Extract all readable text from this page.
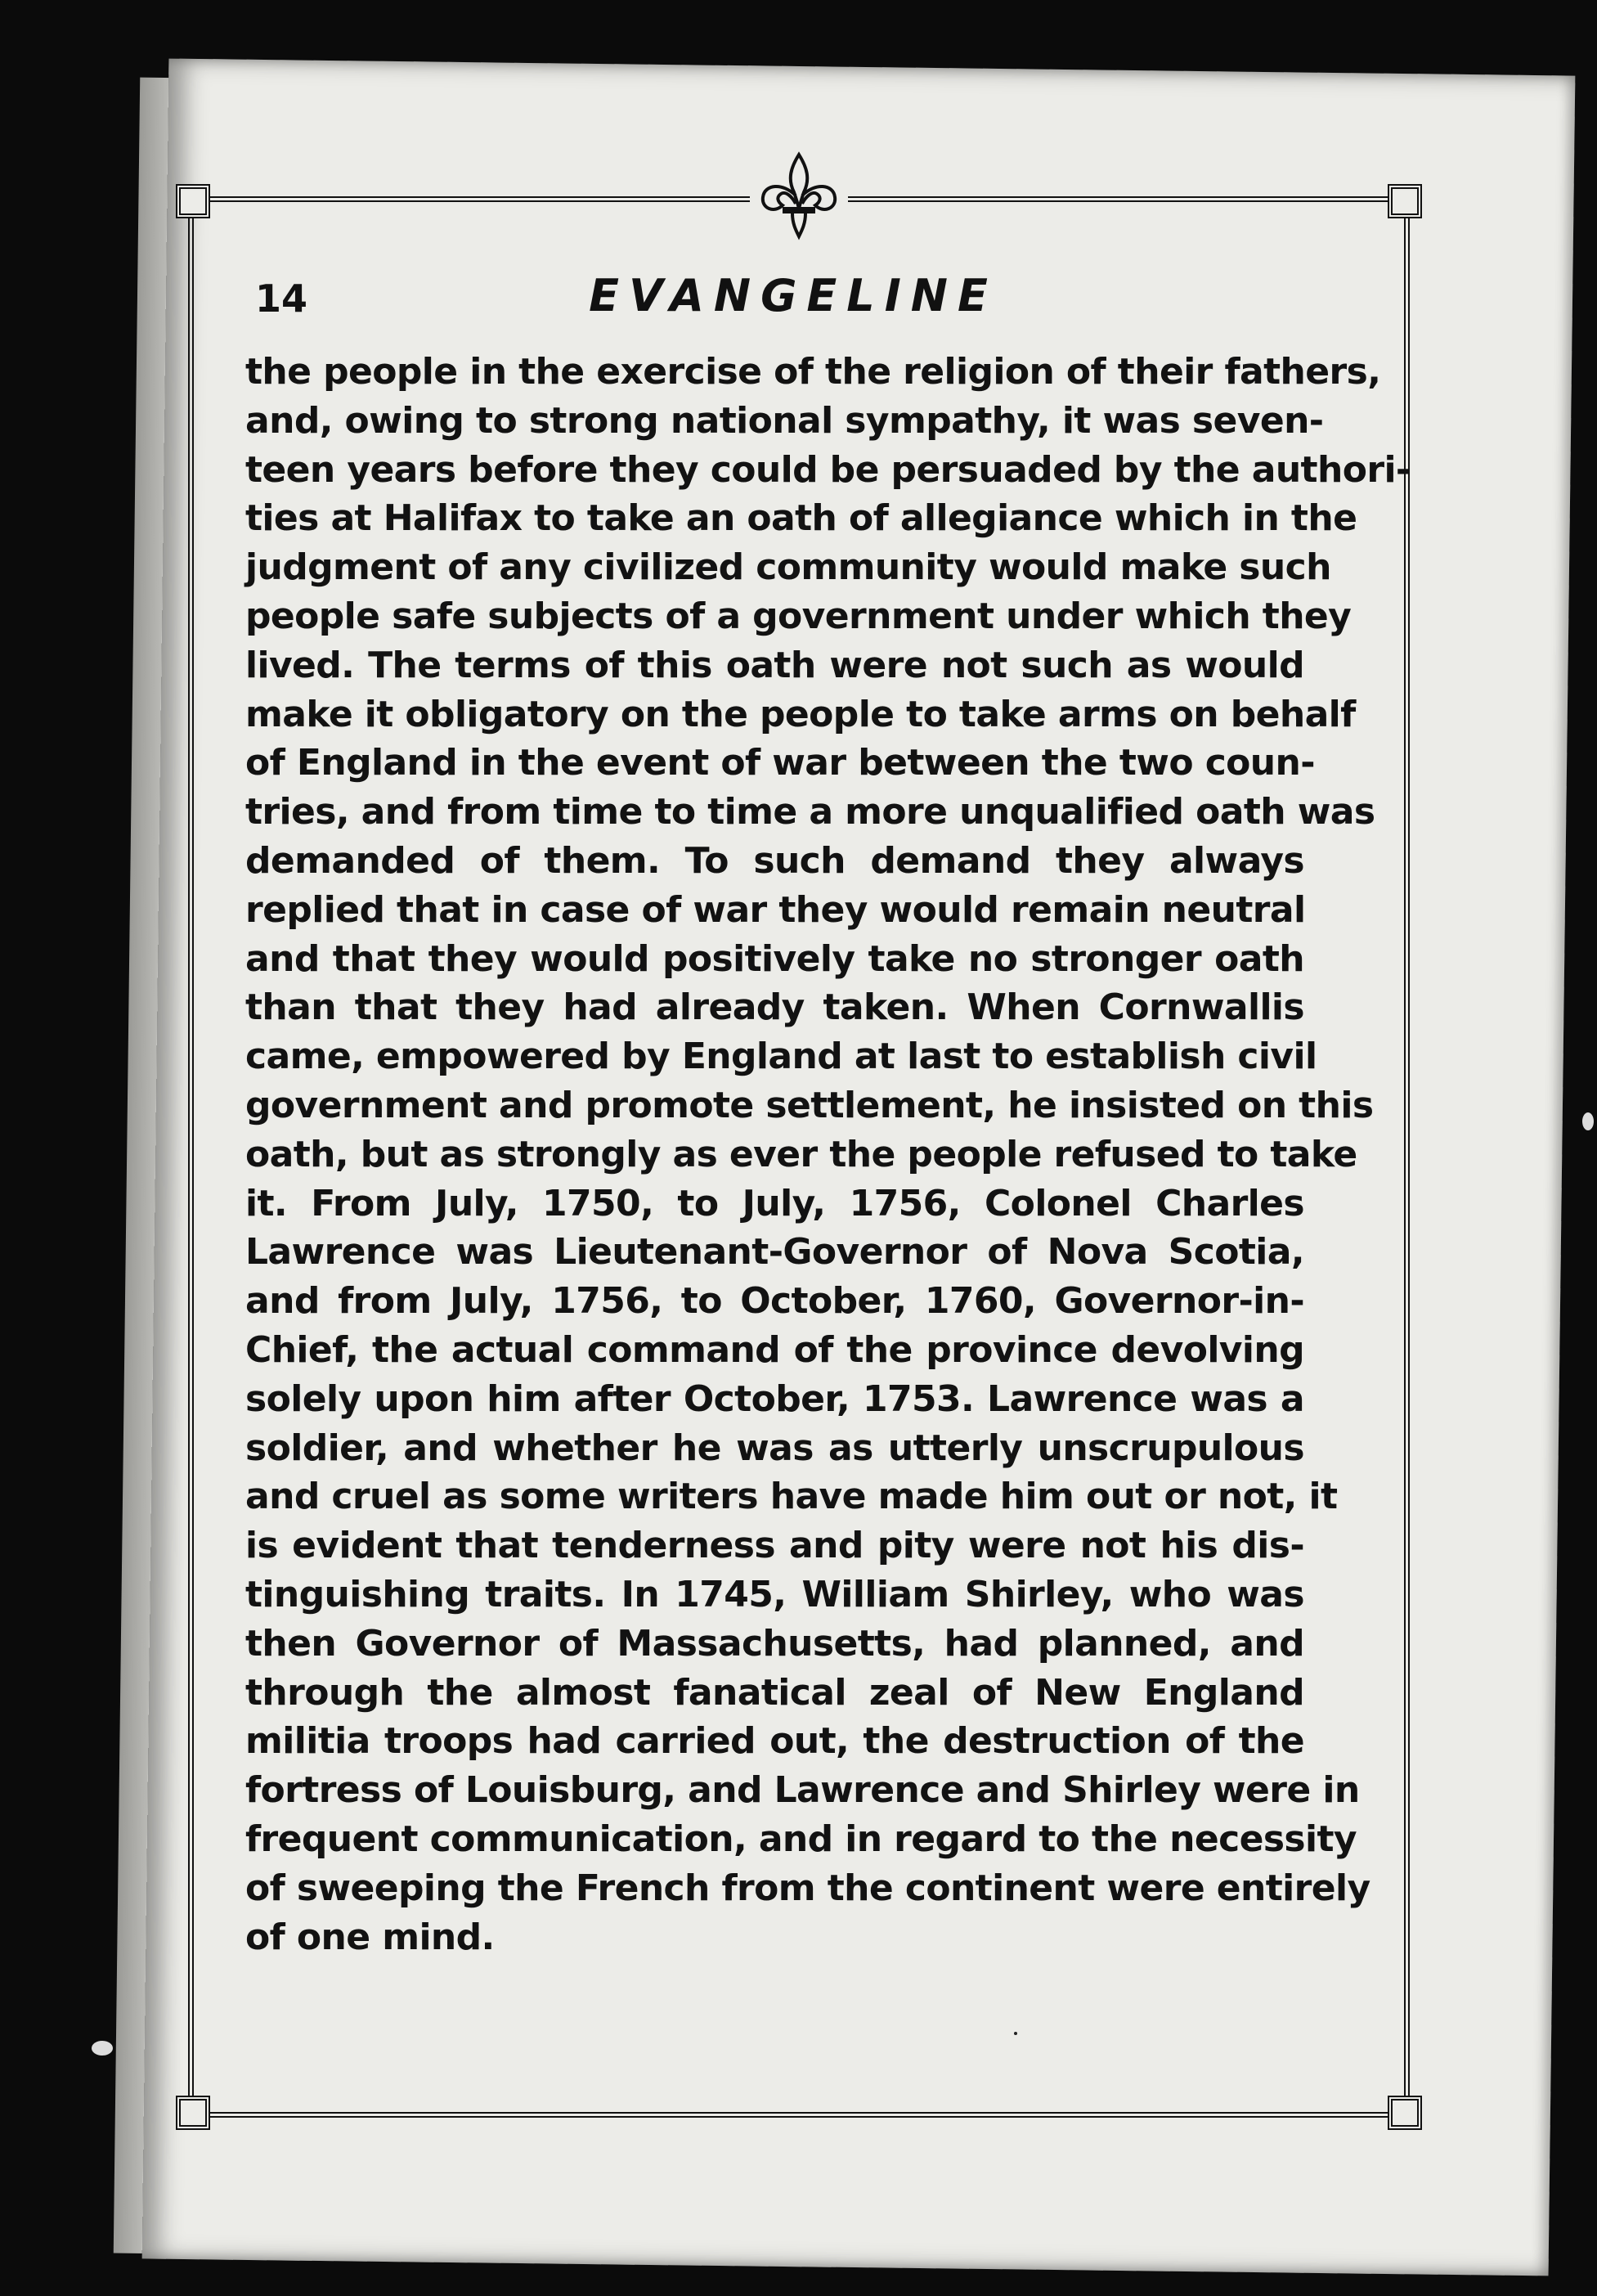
14	EVANGELINE
the people in the exercise of the religion of their fathers,
and, owing to strong national sympathy, it was seven-
teen years before they could be persuaded by the authori-
ties at Halifax to take an oath of allegiance which in the
judgment of any civilized community would make such
people safe subjects of a government under which they
lived. The terms of this oath were not such as would
make it obligatory on the people to take arms on behalf
of England in the event of war between the two coun-
tries, and from time to time a more unqualified oath was
demanded of them. To such demand they always
replied that in case of war they would remain neutral
and that they would positively take no stronger oath
than that they had already taken. When Cornwallis
came, empowered by England at last to establish civil
government and promote settlement, he insisted on this
oath, but as strongly as ever the people refused to take
it. From July, 1750, to July, 1756, Colonel Charles
Lawrence was Lieutenant-Governor of Nova Scotia,
and from July, 1756, to October, 1760, Governor-in-
Chief, the actual command of the province devolving
solely upon him after October, 1753. Lawrence was a
soldier, and whether he was as utterly unscrupulous
and cruel as some writers have made him out or not, it
is evident that tenderness and pity were not his dis-
tinguishing traits. In 1745, William Shirley, who was
then Governor of Massachusetts, had planned, and
through the almost fanatical zeal of New England
militia troops had carried out, the destruction of the
fortress of Louisburg, and Lawrence and Shirley were in
frequent communication, and in regard to the necessity
of sweeping the French from the continent were entirely
of one mind.
